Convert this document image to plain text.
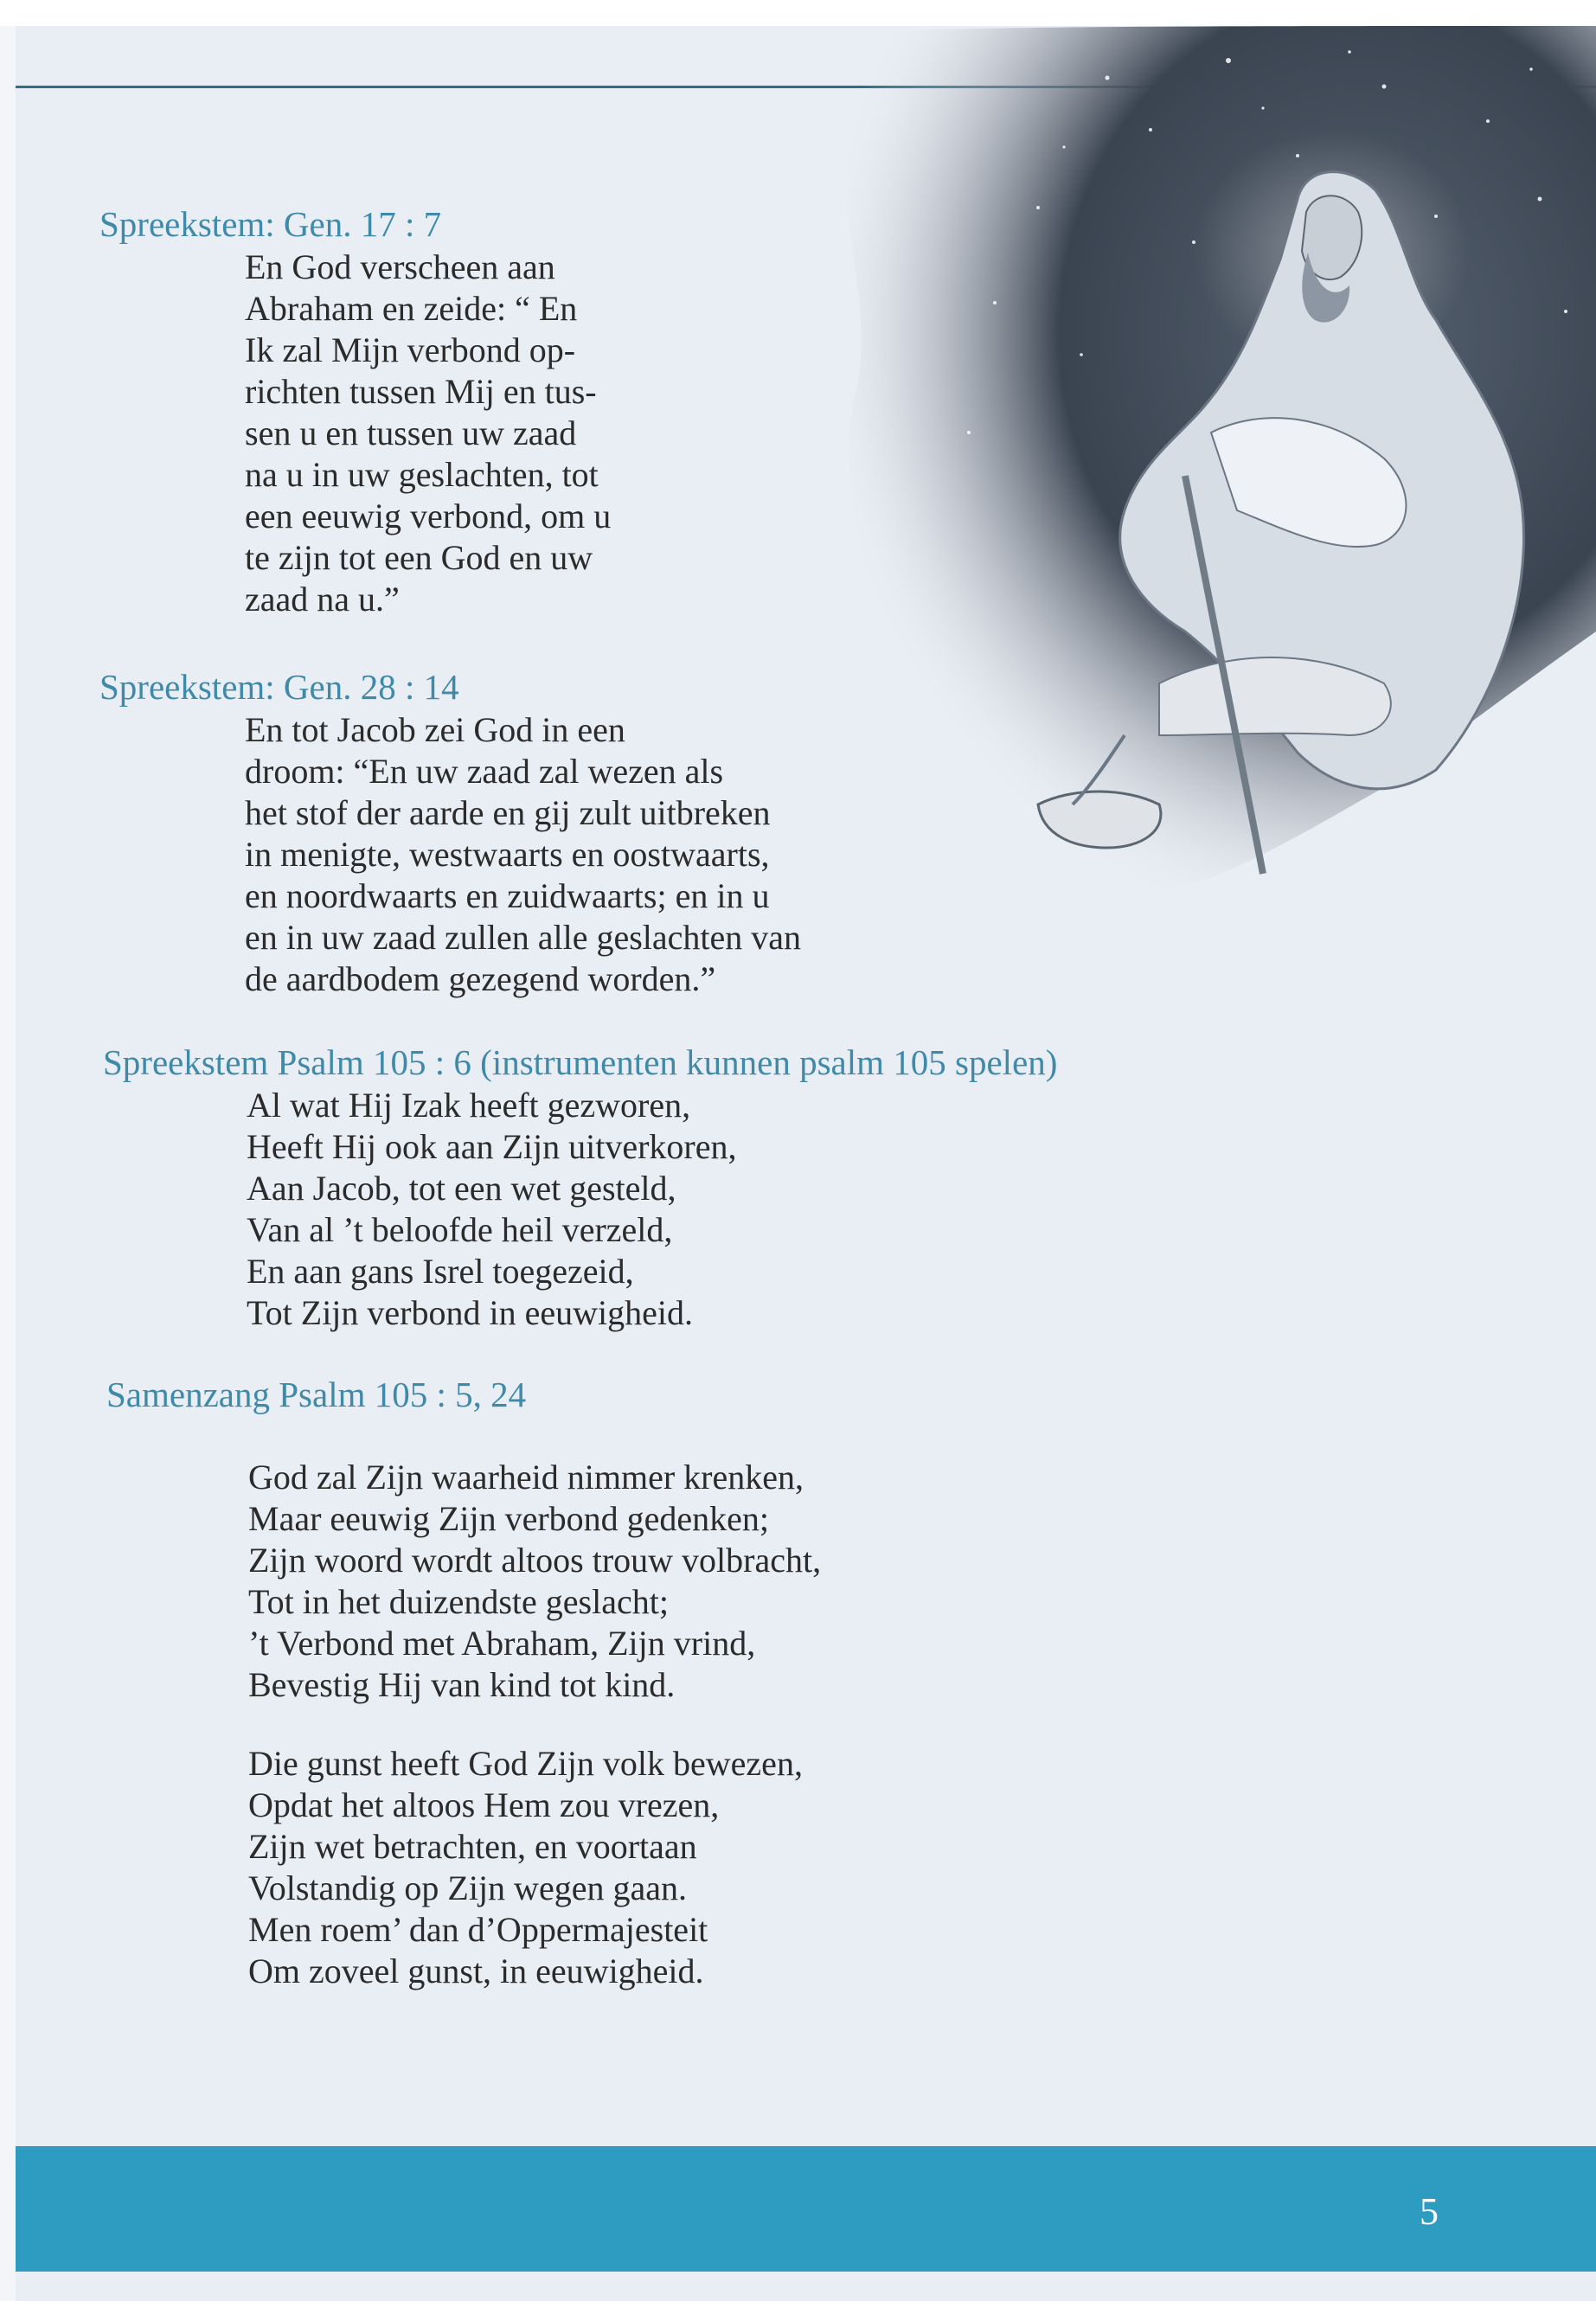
Spreekstem: Gen. 17 : 7
En God verscheen aan
Abraham en zeide: “ En
Ik zal Mijn verbond op-
richten tussen Mij en tus-
sen u en tussen uw zaad
na u in uw geslachten, tot
een eeuwig verbond, om u
te zijn tot een God en uw
zaad na u.”
Spreekstem: Gen. 28 : 14
En tot Jacob zei God in een
droom: “En uw zaad zal wezen als
het stof der aarde en gij zult uitbreken
in menigte, westwaarts en oostwaarts,
en noordwaarts en zuidwaarts; en in u
en in uw zaad zullen alle geslachten van
de aardbodem gezegend worden.”
Spreekstem Psalm 105 : 6 (instrumenten kunnen psalm 105 spelen)
Al wat Hij Izak heeft gezworen,
Heeft Hij ook aan Zijn uitverkoren,
Aan Jacob, tot een wet gesteld,
Van al ’t beloofde heil verzeld,
En aan gans Isrel toegezeid,
Tot Zijn verbond in eeuwigheid.
Samenzang Psalm 105 : 5, 24
God zal Zijn waarheid nimmer krenken,
Maar eeuwig Zijn verbond gedenken;
Zijn woord wordt altoos trouw volbracht,
Tot in het duizendste geslacht;
’t Verbond met Abraham, Zijn vrind,
Bevestig Hij van kind tot kind.
Die gunst heeft God Zijn volk bewezen,
Opdat het altoos Hem zou vrezen,
Zijn wet betrachten, en voortaan
Volstandig op Zijn wegen gaan.
Men roem’ dan d’Oppermajesteit
Om zoveel gunst, in eeuwigheid.
5
